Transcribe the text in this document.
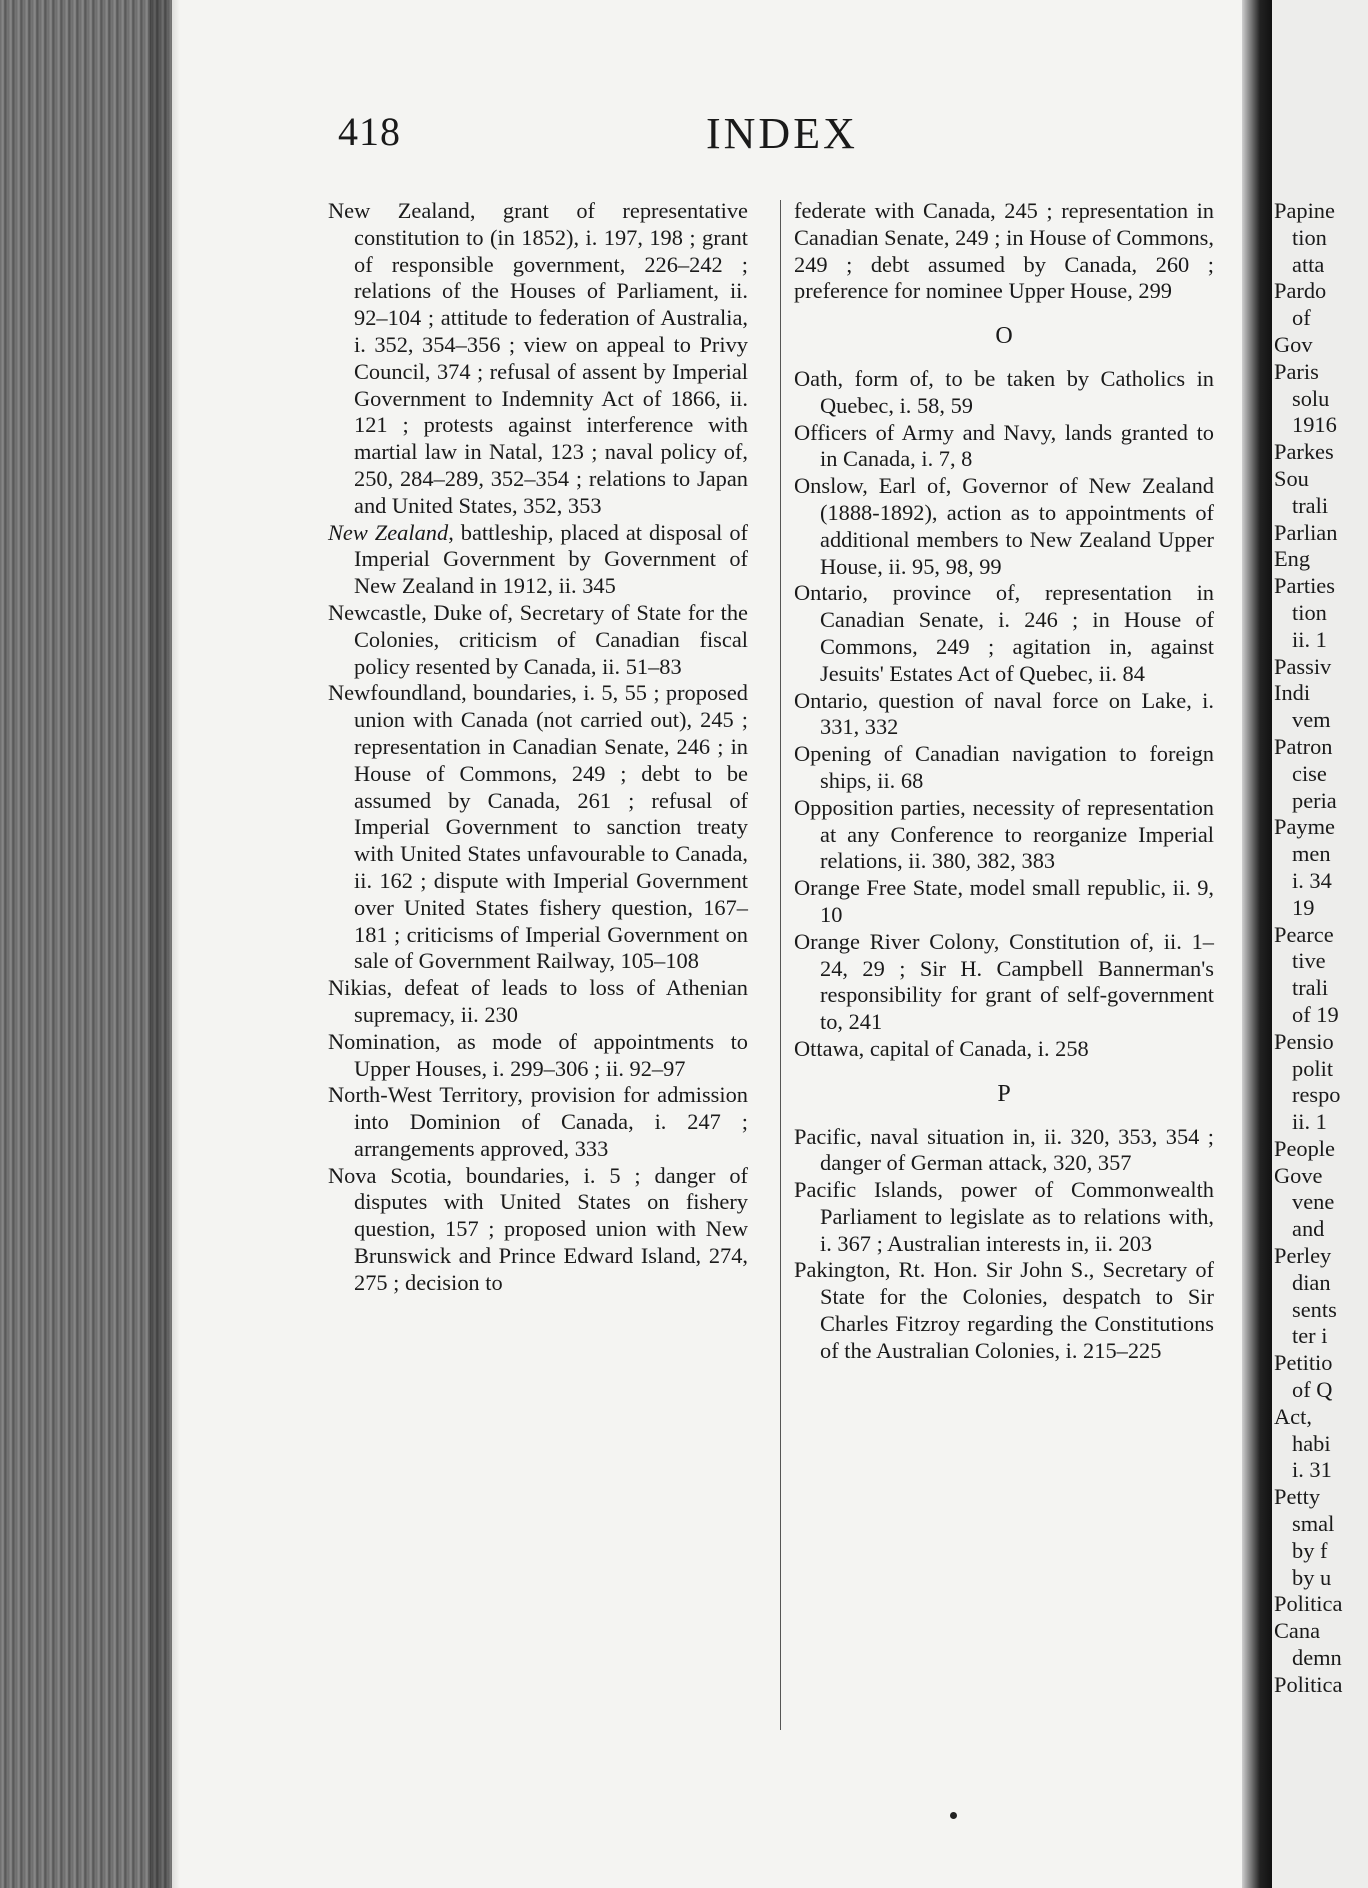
418	INDEX

New Zealand, grant of representative constitution to (in 1852), i. 197, 198 ; grant of responsible government, 226–242 ; relations of the Houses of Parliament, ii. 92–104 ; attitude to federation of Australia, i. 352, 354–356 ; view on appeal to Privy Council, 374 ; refusal of assent by Imperial Government to Indemnity Act of 1866, ii. 121 ; protests against interference with martial law in Natal, 123 ; naval policy of, 250, 284–289, 352–354 ; relations to Japan and United States, 352, 353

New Zealand, battleship, placed at disposal of Imperial Government by Government of New Zealand in 1912, ii. 345

Newcastle, Duke of, Secretary of State for the Colonies, criticism of Canadian fiscal policy resented by Canada, ii. 51–83

Newfoundland, boundaries, i. 5, 55 ; proposed union with Canada (not carried out), 245 ; representation in Canadian Senate, 246 ; in House of Commons, 249 ; debt to be assumed by Canada, 261 ; refusal of Imperial Government to sanction treaty with United States unfavourable to Canada, ii. 162 ; dispute with Imperial Government over United States fishery question, 167–181 ; criticisms of Imperial Government on sale of Government Railway, 105–108

Nikias, defeat of leads to loss of Athenian supremacy, ii. 230

Nomination, as mode of appointments to Upper Houses, i. 299–306 ; ii. 92–97

North-West Territory, provision for admission into Dominion of Canada, i. 247 ; arrangements approved, 333

Nova Scotia, boundaries, i. 5 ; danger of disputes with United States on fishery question, 157 ; proposed union with New Brunswick and Prince Edward Island, 274, 275 ; decision to

federate with Canada, 245 ; representation in Canadian Senate, 249 ; in House of Commons, 249 ; debt assumed by Canada, 260 ; preference for nominee Upper House, 299

O

Oath, form of, to be taken by Catholics in Quebec, i. 58, 59

Officers of Army and Navy, lands granted to in Canada, i. 7, 8

Onslow, Earl of, Governor of New Zealand (1888-1892), action as to appointments of additional members to New Zealand Upper House, ii. 95, 98, 99

Ontario, province of, representation in Canadian Senate, i. 246 ; in House of Commons, 249 ; agitation in, against Jesuits' Estates Act of Quebec, ii. 84

Ontario, question of naval force on Lake, i. 331, 332

Opening of Canadian navigation to foreign ships, ii. 68

Opposition parties, necessity of representation at any Conference to reorganize Imperial relations, ii. 380, 382, 383

Orange Free State, model small republic, ii. 9, 10

Orange River Colony, Constitution of, ii. 1–24, 29 ; Sir H. Campbell Bannerman's responsibility for grant of self-government to, 241

Ottawa, capital of Canada, i. 258

P

Pacific, naval situation in, ii. 320, 353, 354 ; danger of German attack, 320, 357

Pacific Islands, power of Commonwealth Parliament to legislate as to relations with, i. 367 ; Australian interests in, ii. 203

Pakington, Rt. Hon. Sir John S., Secretary of State for the Colonies, despatch to Sir Charles Fitzroy regarding the Constitutions of the Australian Colonies, i. 215–225

Papine
tion
atta
Pardo
of
Gov
Paris
solu
1916
Parkes
Sou
trali
Parlian
Eng
Parties
tion
ii. 1
Passiv
Indi
vem
Patron
cise
peria
Payme
men
i. 34
19
Pearce
tive
trali
of 19
Pensio
polit
respo
ii. 1
People
Gove
vene
and
Perley
dian
sents
ter i
Petitio
of Q
Act,
habi
i. 31
Petty
smal
by f
by u
Politica
Cana
demn
Politica
